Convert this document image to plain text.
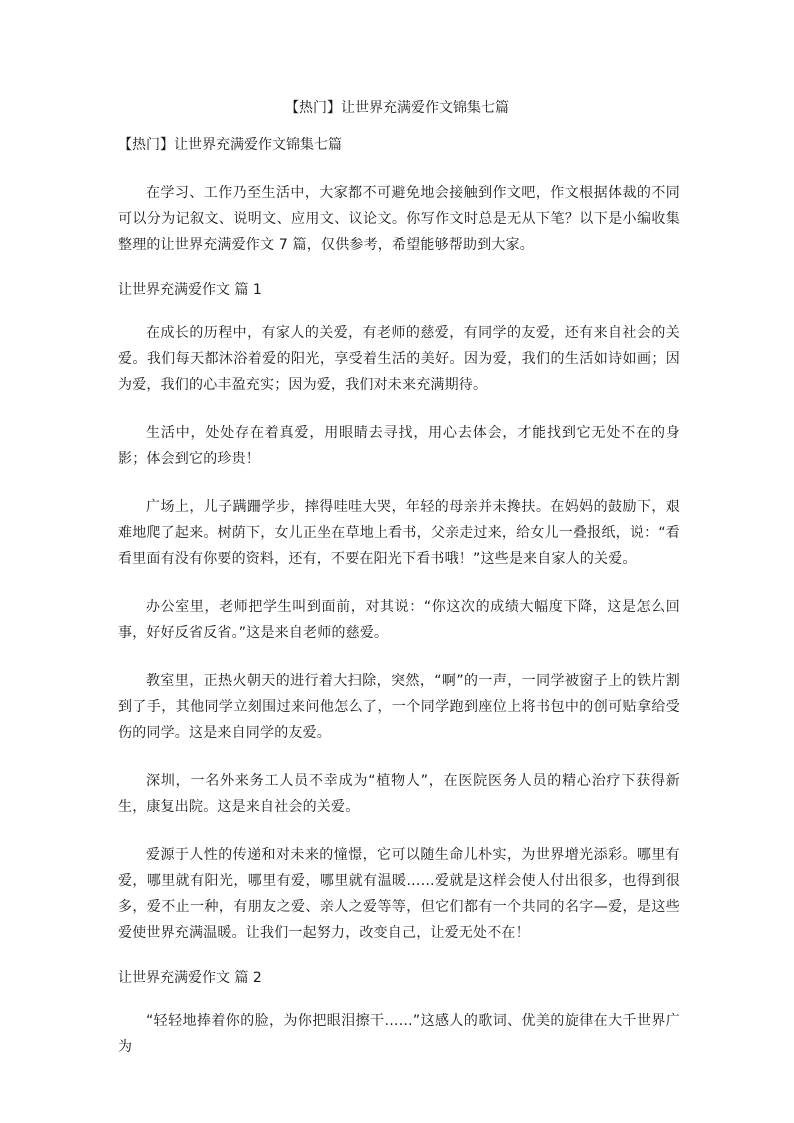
【热门】让世界充满爱作文锦集七篇
【热门】让世界充满爱作文锦集七篇

在学习、工作乃至生活中，大家都不可避免地会接触到作文吧，作文根据体裁的不同可以分为记叙文、说明文、应用文、议论文。你写作文时总是无从下笔？以下是小编收集整理的让世界充满爱作文 7 篇，仅供参考，希望能够帮助到大家。

让世界充满爱作文 篇 1

在成长的历程中，有家人的关爱，有老师的慈爱，有同学的友爱，还有来自社会的关爱。我们每天都沐浴着爱的阳光，享受着生活的美好。因为爱，我们的生活如诗如画；因为爱，我们的心丰盈充实；因为爱，我们对未来充满期待。

生活中，处处存在着真爱，用眼睛去寻找，用心去体会，才能找到它无处不在的身影；体会到它的珍贵！

广场上，儿子蹒跚学步，摔得哇哇大哭，年轻的母亲并未搀扶。在妈妈的鼓励下，艰难地爬了起来。树荫下，女儿正坐在草地上看书，父亲走过来，给女儿一叠报纸，说：“看看里面有没有你要的资料，还有，不要在阳光下看书哦！”这些是来自家人的关爱。

办公室里，老师把学生叫到面前，对其说：“你这次的成绩大幅度下降，这是怎么回事，好好反省反省。”这是来自老师的慈爱。

教室里，正热火朝天的进行着大扫除，突然，“啊”的一声，一同学被窗子上的铁片割到了手，其他同学立刻围过来问他怎么了，一个同学跑到座位上将书包中的创可贴拿给受伤的同学。这是来自同学的友爱。

深圳，一名外来务工人员不幸成为“植物人”，在医院医务人员的精心治疗下获得新生，康复出院。这是来自社会的关爱。

爱源于人性的传递和对未来的憧憬，它可以随生命儿朴实，为世界增光添彩。哪里有爱，哪里就有阳光，哪里有爱，哪里就有温暖……爱就是这样会使人付出很多，也得到很多，爱不止一种，有朋友之爱、亲人之爱等等，但它们都有一个共同的名字—爱，是这些爱使世界充满温暖。让我们一起努力，改变自己，让爱无处不在！

让世界充满爱作文 篇 2

“轻轻地捧着你的脸，为你把眼泪擦干……”这感人的歌词、优美的旋律在大千世界广为
